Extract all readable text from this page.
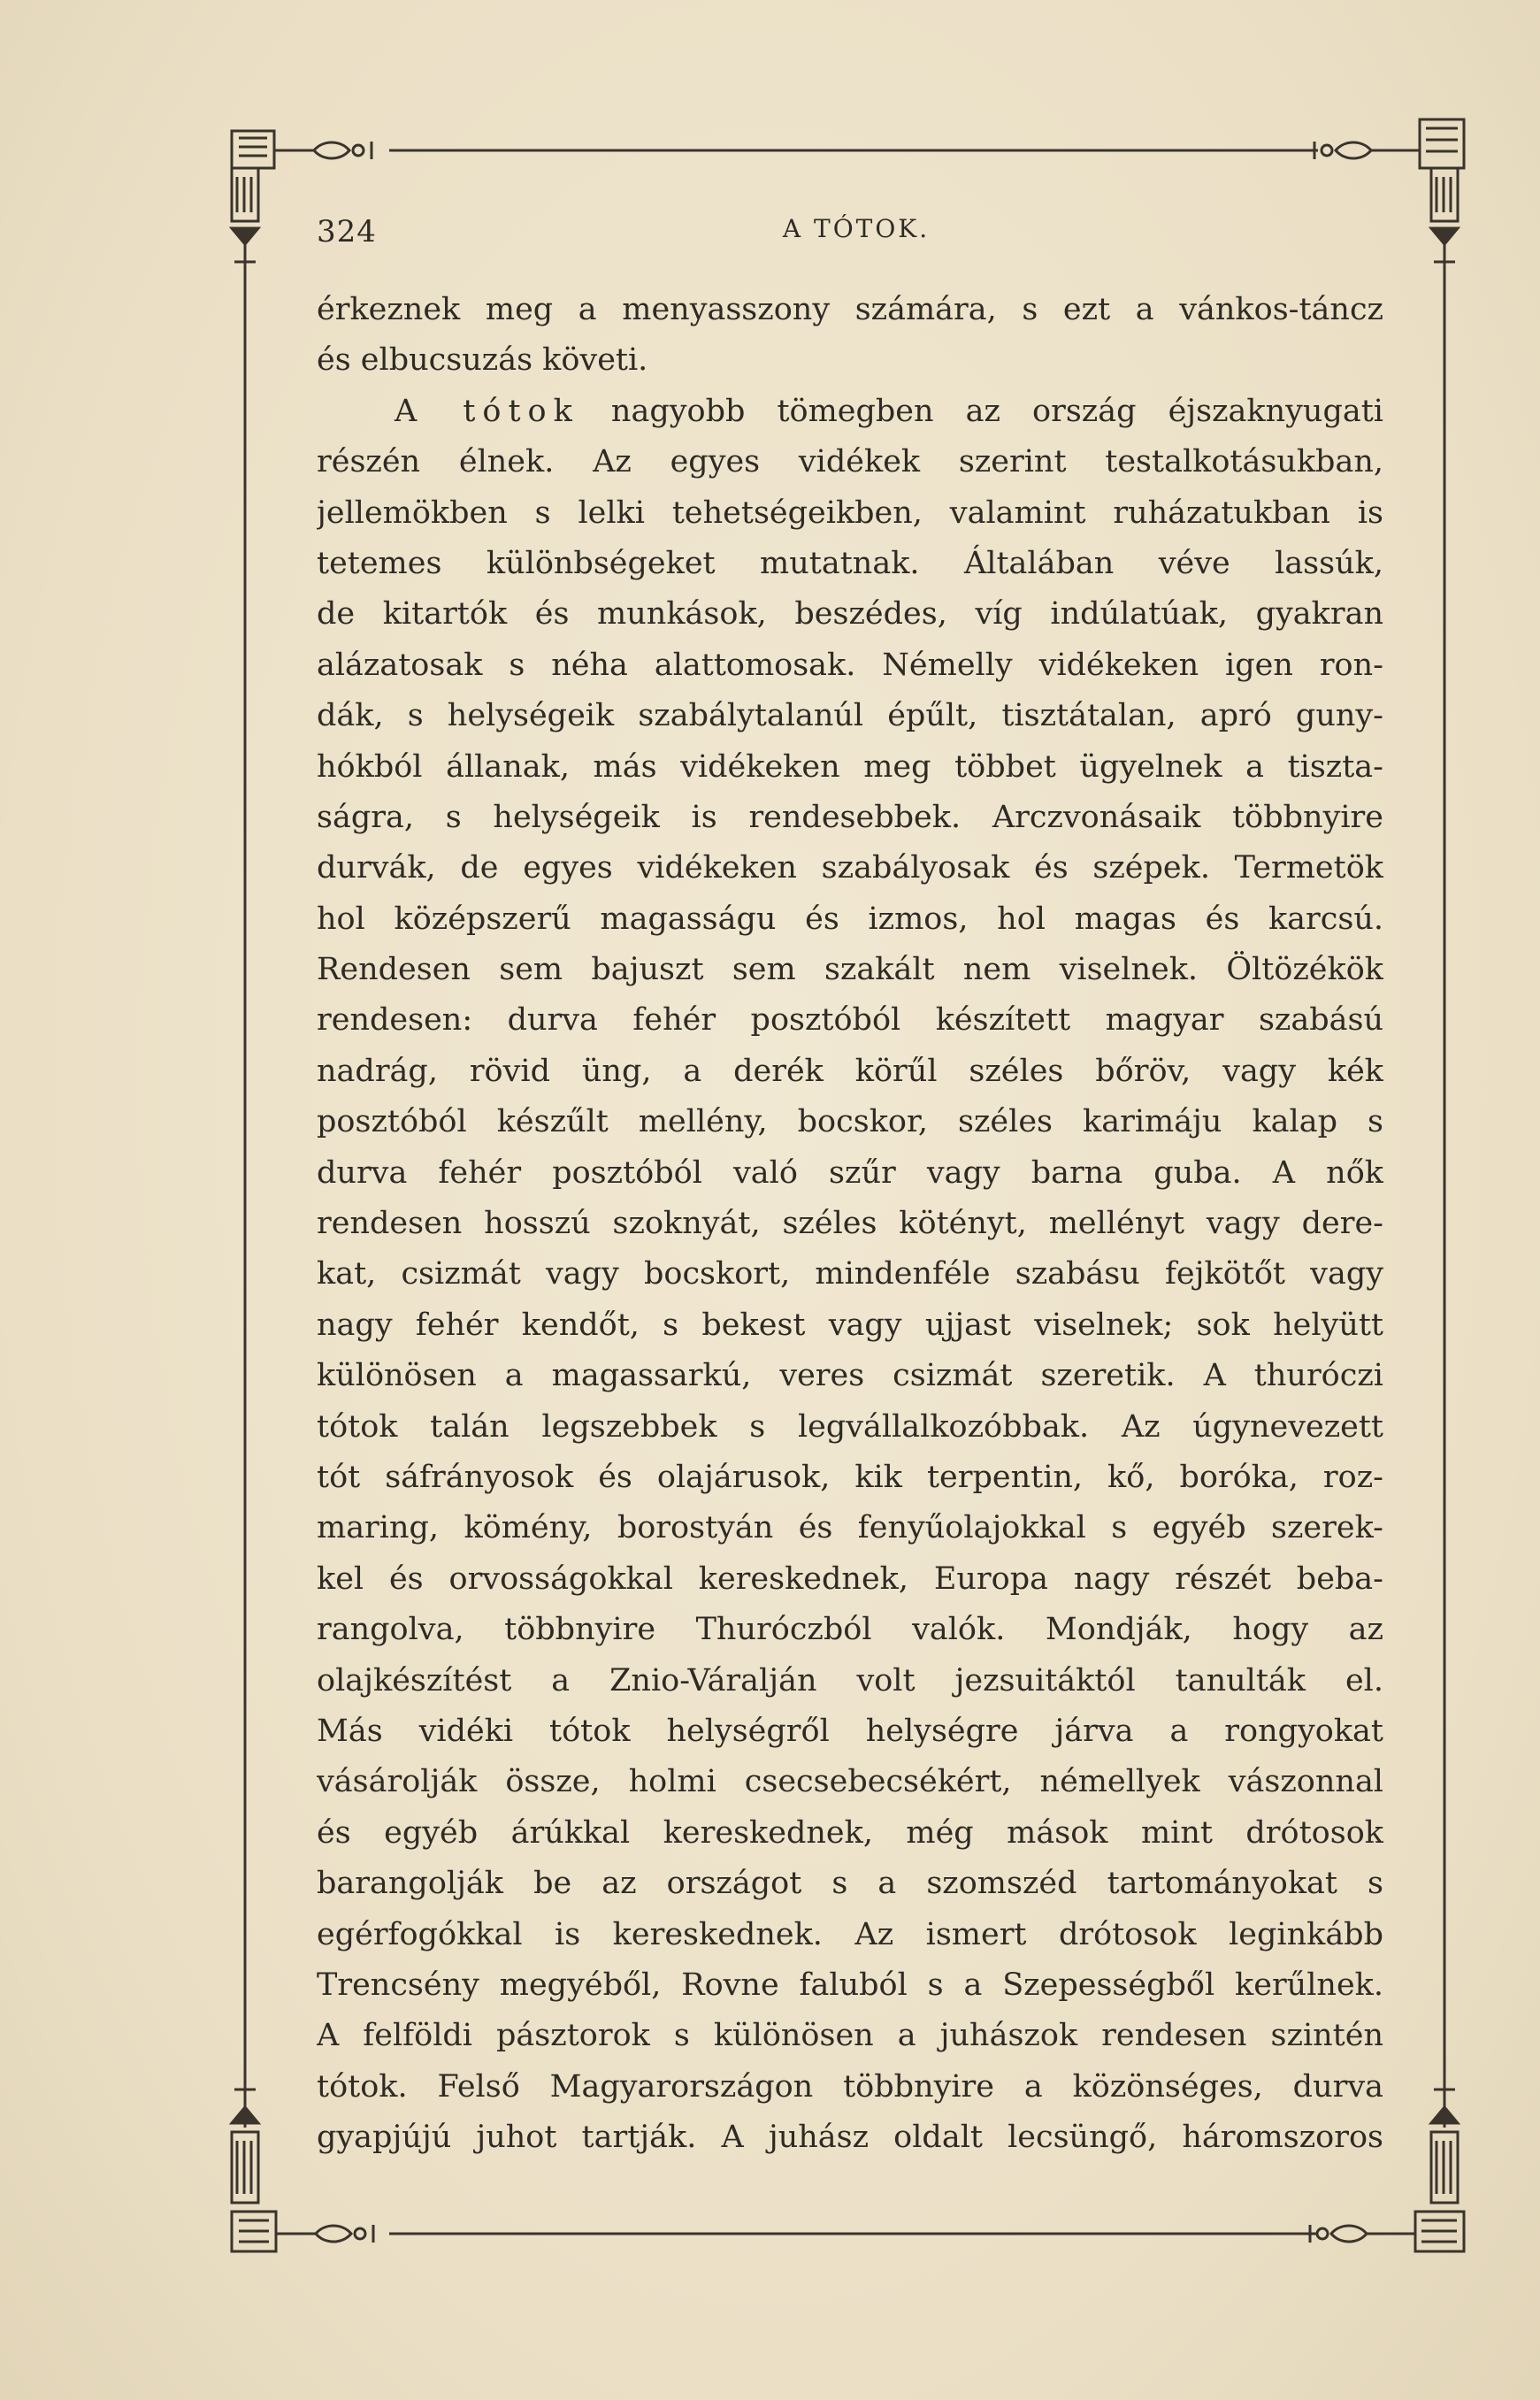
324	A TÓTOK.
érkeznek meg a menyasszony számára, s ezt a vánkos-táncz
és elbucsuzás követi.
A tótok nagyobb tömegben az ország éjszaknyugati
részén élnek. Az egyes vidékek szerint testalkotásukban,
jellemökben s lelki tehetségeikben, valamint ruházatukban is
tetemes különbségeket mutatnak. Általában véve lassúk,
de kitartók és munkások, beszédes, víg indúlatúak, gyakran
alázatosak s néha alattomosak. Némelly vidékeken igen ron-
dák, s helységeik szabálytalanúl épűlt, tisztátalan, apró guny-
hókból állanak, más vidékeken meg többet ügyelnek a tiszta-
ságra, s helységeik is rendesebbek. Arczvonásaik többnyire
durvák, de egyes vidékeken szabályosak és szépek. Termetök
hol középszerű magasságu és izmos, hol magas és karcsú.
Rendesen sem bajuszt sem szakált nem viselnek. Öltözékök
rendesen: durva fehér posztóból készített magyar szabású
nadrág, rövid üng, a derék körűl széles bőröv, vagy kék
posztóból készűlt mellény, bocskor, széles karimáju kalap s
durva fehér posztóból való szűr vagy barna guba. A nők
rendesen hosszú szoknyát, széles kötényt, mellényt vagy dere-
kat, csizmát vagy bocskort, mindenféle szabásu fejkötőt vagy
nagy fehér kendőt, s bekest vagy ujjast viselnek; sok helyütt
különösen a magassarkú, veres csizmát szeretik. A thuróczi
tótok talán legszebbek s legvállalkozóbbak. Az úgynevezett
tót sáfrányosok és olajárusok, kik terpentin, kő, boróka, roz-
maring, kömény, borostyán és fenyűolajokkal s egyéb szerek-
kel és orvosságokkal kereskednek, Europa nagy részét beba-
rangolva, többnyire Thuróczból valók. Mondják, hogy az
olajkészítést a Znio-Váralján volt jezsuitáktól tanulták el.
Más vidéki tótok helységről helységre járva a rongyokat
vásárolják össze, holmi csecsebecsékért, némellyek vászonnal
és egyéb árúkkal kereskednek, még mások mint drótosok
barangolják be az országot s a szomszéd tartományokat s
egérfogókkal is kereskednek. Az ismert drótosok leginkább
Trencsény megyéből, Rovne faluból s a Szepességből kerűlnek.
A felföldi pásztorok s különösen a juhászok rendesen szintén
tótok. Felső Magyarországon többnyire a közönséges, durva
gyapjújú juhot tartják. A juhász oldalt lecsüngő, háromszoros
